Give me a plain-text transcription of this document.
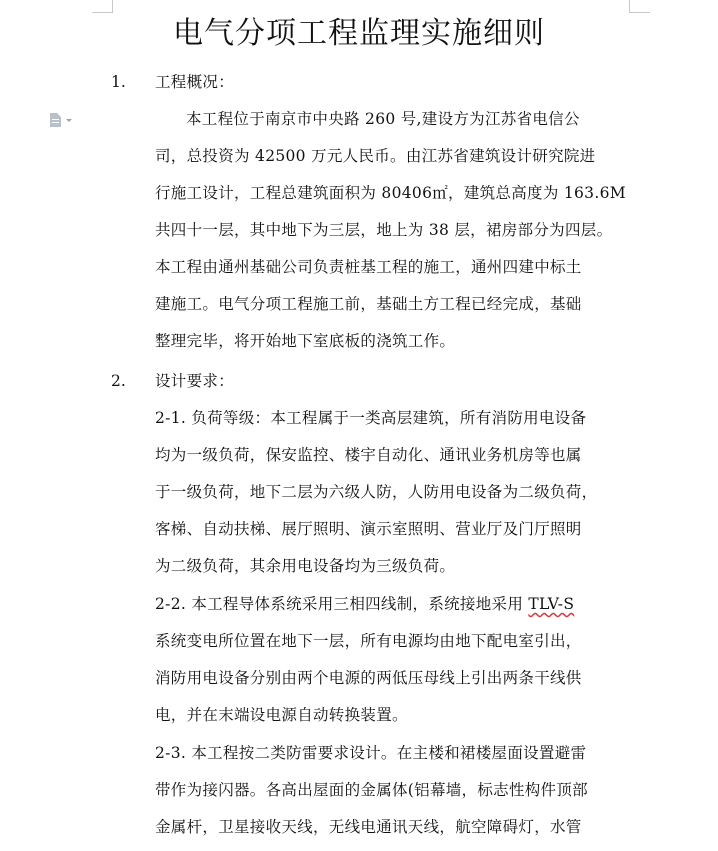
电气分项工程监理实施细则
1. 工程概况：
本工程位于南京市中央路 260 号,建设方为江苏省电信公
司，总投资为 42500 万元人民币。由江苏省建筑设计研究院进
行施工设计，工程总建筑面积为 80406㎡，建筑总高度为 163.6M
共四十一层，其中地下为三层，地上为 38 层，裙房部分为四层。
本工程由通州基础公司负责桩基工程的施工，通州四建中标土
建施工。电气分项工程施工前，基础土方工程已经完成，基础
整理完毕，将开始地下室底板的浇筑工作。
2. 设计要求：
2-1. 负荷等级：本工程属于一类高层建筑，所有消防用电设备
均为一级负荷，保安监控、楼宇自动化、通讯业务机房等也属
于一级负荷，地下二层为六级人防，人防用电设备为二级负荷，
客梯、自动扶梯、展厅照明、演示室照明、营业厅及门厅照明
为二级负荷，其余用电设备均为三级负荷。
2-2. 本工程导体系统采用三相四线制，系统接地采用 TLV-S
系统变电所位置在地下一层，所有电源均由地下配电室引出，
消防用电设备分别由两个电源的两低压母线上引出两条干线供
电，并在末端设电源自动转换装置。
2-3. 本工程按二类防雷要求设计。在主楼和裙楼屋面设置避雷
带作为接闪器。各高出屋面的金属体(铝幕墙，标志性构件顶部
金属杆，卫星接收天线，无线电通讯天线，航空障碍灯，水管
